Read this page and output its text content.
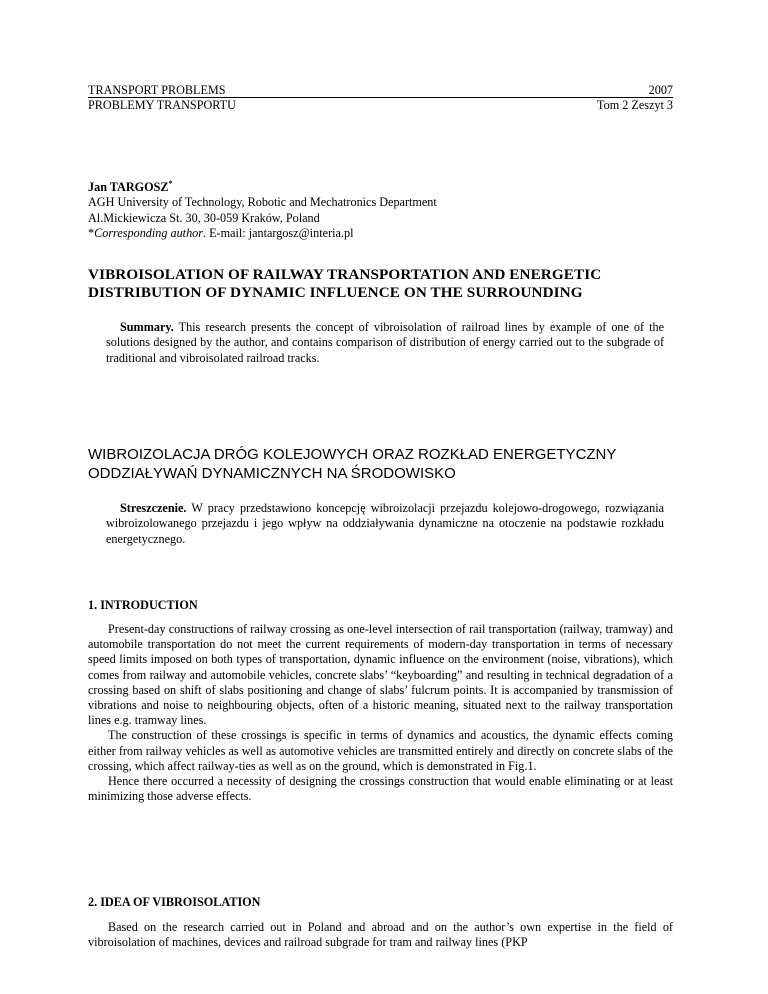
TRANSPORT PROBLEMS	2007
PROBLEMY TRANSPORTU	Tom 2 Zeszyt 3
Jan TARGOSZ*
AGH University of Technology, Robotic and Mechatronics Department
Al.Mickiewicza St. 30, 30-059 Kraków, Poland
*Corresponding author. E-mail: jantargosz@interia.pl
VIBROISOLATION OF RAILWAY TRANSPORTATION AND ENERGETIC
DISTRIBUTION OF DYNAMIC INFLUENCE ON THE SURROUNDING
Summary. This research presents the concept of vibroisolation of railroad lines by example of one of the solutions designed by the author, and contains comparison of distribution of energy carried out to the subgrade of traditional and vibroisolated railroad tracks.
WIBROIZOLACJA DRÓG KOLEJOWYCH ORAZ ROZKŁAD ENERGETYCZNY
ODDZIAŁYWAŃ DYNAMICZNYCH NA ŚRODOWISKO
Streszczenie. W pracy przedstawiono koncepcję wibroizolacji przejazdu kolejowo-drogowego, rozwiązania wibroizolowanego przejazdu i jego wpływ na oddziaływania dynamiczne na otoczenie na podstawie rozkładu energetycznego.
1. INTRODUCTION

Present-day constructions of railway crossing as one-level intersection of rail transportation (railway, tramway) and automobile transportation do not meet the current requirements of modern-day transportation in terms of necessary speed limits imposed on both types of transportation, dynamic influence on the environment (noise, vibrations), which comes from railway and automobile vehicles, concrete slabs’ “keyboarding” and resulting in technical degradation of a crossing based on shift of slabs positioning and change of slabs’ fulcrum points. It is accompanied by transmission of vibrations and noise to neighbouring objects, often of a historic meaning, situated next to the railway transportation lines e.g. tramway lines.

The construction of these crossings is specific in terms of dynamics and acoustics, the dynamic effects coming either from railway vehicles as well as automotive vehicles are transmitted entirely and directly on concrete slabs of the crossing, which affect railway-ties as well as on the ground, which is demonstrated in Fig.1.

Hence there occurred a necessity of designing the crossings construction that would enable eliminating or at least minimizing those adverse effects.

2. IDEA OF VIBROISOLATION

Based on the research carried out in Poland and abroad and on the author’s own expertise in the field of vibroisolation of machines, devices and railroad subgrade for tram and railway lines (PKP
